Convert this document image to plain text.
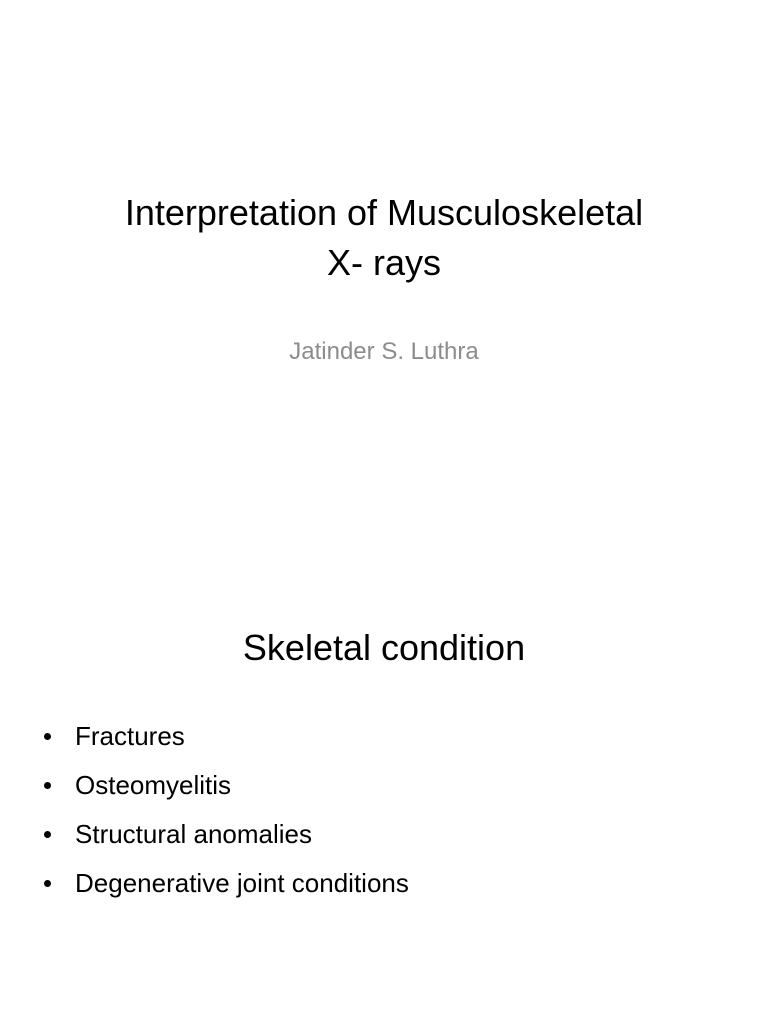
Interpretation of Musculoskeletal
X- rays
Jatinder S. Luthra
Skeletal condition
Fractures
Osteomyelitis
Structural anomalies
Degenerative joint conditions
